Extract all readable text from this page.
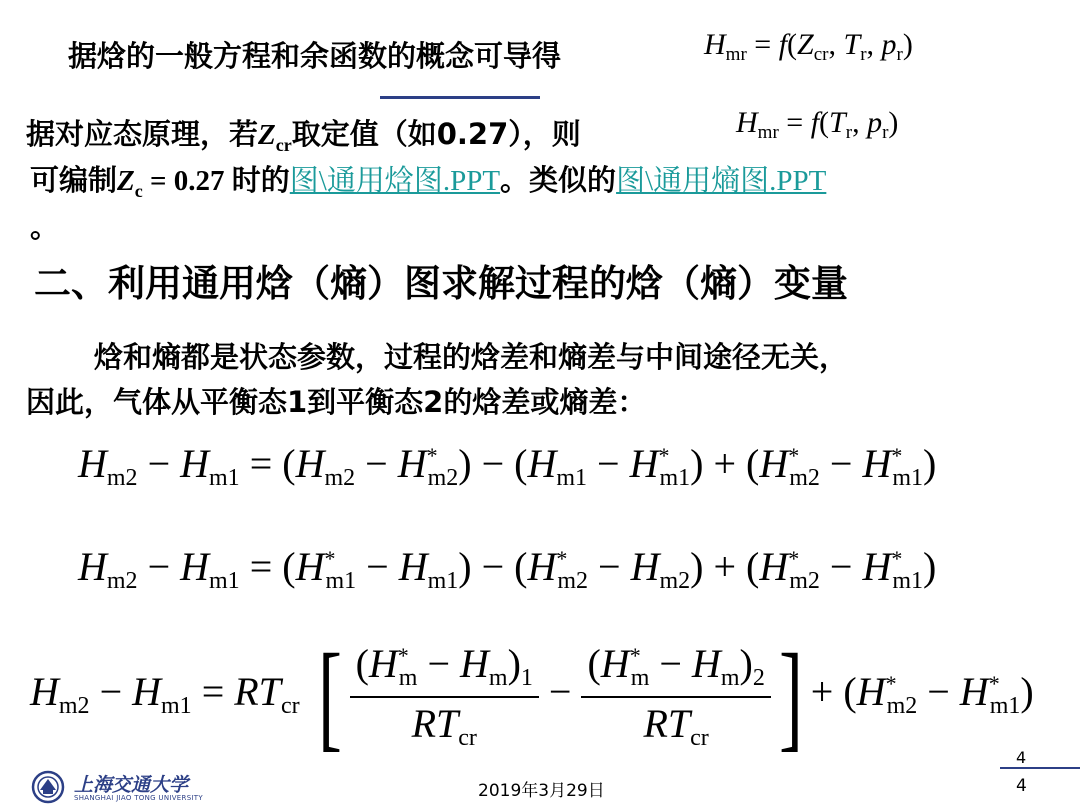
据焓的一般方程和余函数的概念可导得	$H_{mr} = f(Z_{cr}$, $T_r$, $p_r$)
据对应态原理，若$Z_{cr}$取定值（如0.27），则	$H_{mr} = f(T_r$, $p_r$)
可编制$Z_c = 0.27$ 时的图\通用焓图.PPT。类似的图\通用熵图.PPT
。
二、利用通用焓（熵）图求解过程的焓（熵）变量
焓和熵都是状态参数，过程的焓差和熵差与中间途径无关，
因此，气体从平衡态1到平衡态2的焓差或熵差：
$H_{m2} - H_{m1} = (H_{m2} - H^*_{m2}) - (H_{m1} - H^*_{m1}) + (H^*_{m2} - H^*_{m1})$
$H_{m2} - H_{m1} = (H^*_{m1} - H_{m1}) - (H^*_{m2} - H_{m2}) + (H^*_{m2} - H^*_{m1})$
$H_{m2} - H_{m1} = RT_{cr}$ [ $\frac{(H^*_m - H_m)_1}{RT_{cr}} - \frac{(H^*_m - H_m)_2}{RT_{cr}}$ ] + $(H^*_{m2} - H^*_{m1})$
上海交通大学
SHANGHAI JIAO TONG UNIVERSITY	2019年3月29日
4
4
